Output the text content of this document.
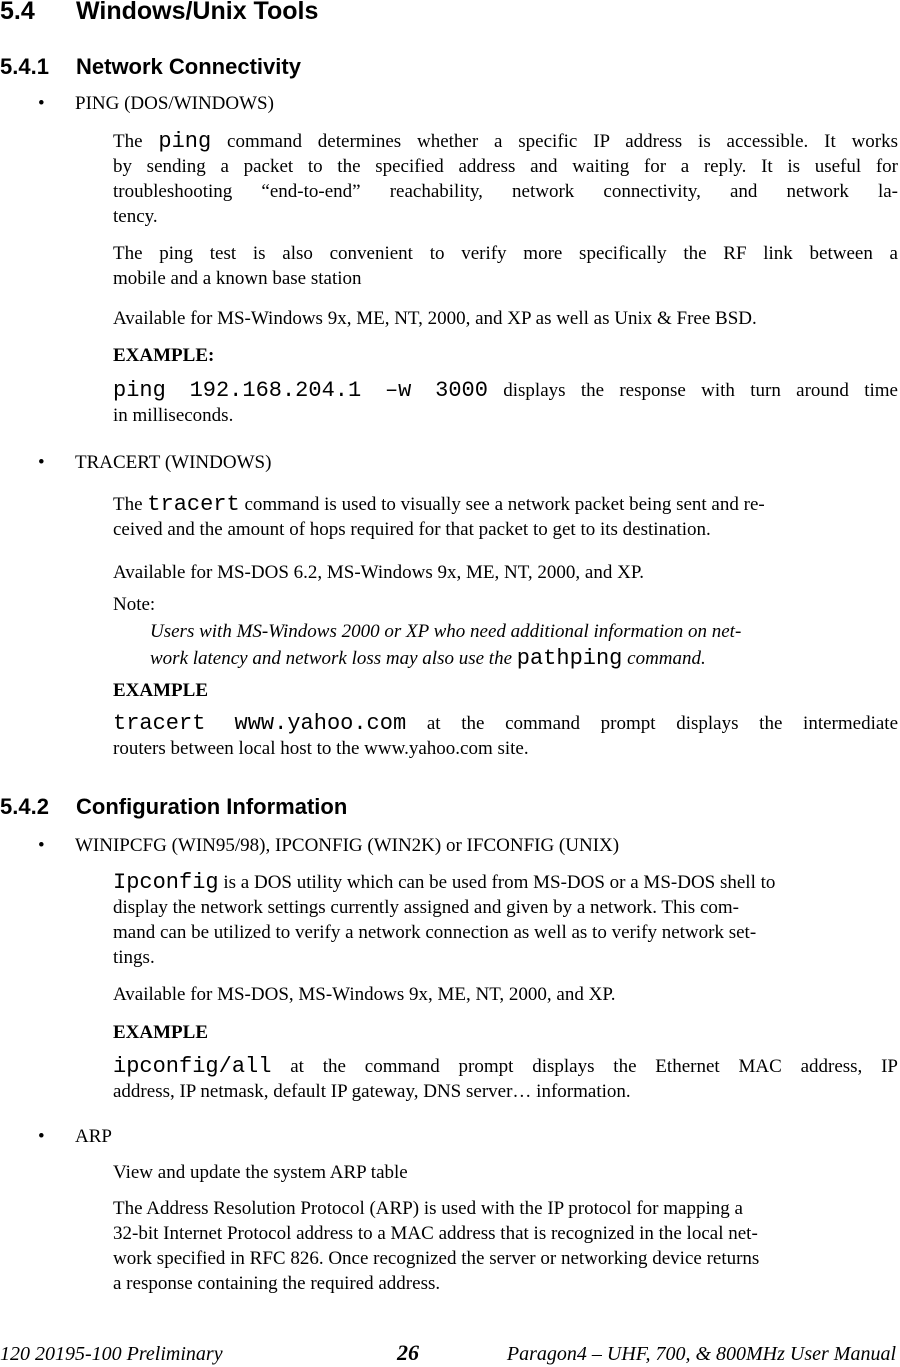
5.4 Windows/Unix Tools
5.4.1 Network Connectivity
• PING (DOS/WINDOWS)
The ping command determines whether a specific IP address is accessible. It works
by sending a packet to the specified address and waiting for a reply. It is useful for
troubleshooting “end-to-end” reachability, network connectivity, and network la-
tency.
The ping test is also convenient to verify more specifically the RF link between a
mobile and a known base station
Available for MS-Windows 9x, ME, NT, 2000, and XP as well as Unix & Free BSD.
EXAMPLE:
ping 192.168.204.1 –w 3000 displays the response with turn around time
in milliseconds.
• TRACERT (WINDOWS)
The tracert command is used to visually see a network packet being sent and re-
ceived and the amount of hops required for that packet to get to its destination.
Available for MS-DOS 6.2, MS-Windows 9x, ME, NT, 2000, and XP.
Note:
Users with MS-Windows 2000 or XP who need additional information on net-
work latency and network loss may also use the pathping command.
EXAMPLE
tracert www.yahoo.com at the command prompt displays the intermediate
routers between local host to the www.yahoo.com site.
5.4.2 Configuration Information
• WINIPCFG (WIN95/98), IPCONFIG (WIN2K) or IFCONFIG (UNIX)
Ipconfig is a DOS utility which can be used from MS-DOS or a MS-DOS shell to
display the network settings currently assigned and given by a network. This com-
mand can be utilized to verify a network connection as well as to verify network set-
tings.
Available for MS-DOS, MS-Windows 9x, ME, NT, 2000, and XP.
EXAMPLE
ipconfig/all at the command prompt displays the Ethernet MAC address, IP
address, IP netmask, default IP gateway, DNS server… information.
• ARP
View and update the system ARP table
The Address Resolution Protocol (ARP) is used with the IP protocol for mapping a
32-bit Internet Protocol address to a MAC address that is recognized in the local net-
work specified in RFC 826. Once recognized the server or networking device returns
a response containing the required address.
120 20195-100 Preliminary	26	Paragon4 – UHF, 700, & 800MHz User Manual
